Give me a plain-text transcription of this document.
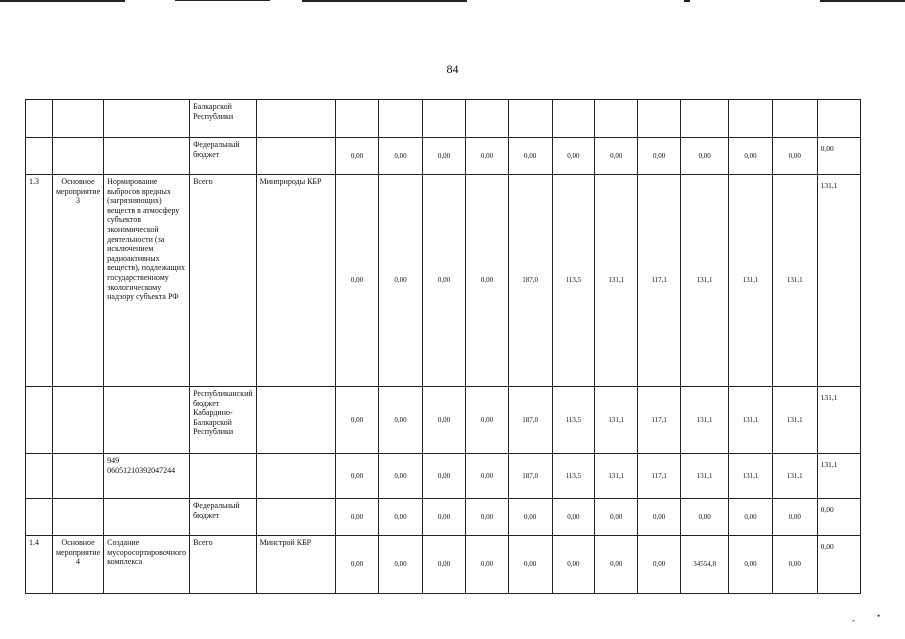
84
			Балкарской Республики													
			Федеральный бюджет		0,00	0,00	0,00	0,00	0,00	0,00	0,00	0,00	0,00	0,00	0,00	0,00
1.3	Основное мероприятие 3	Нормирование выбросов вредных (загрязняющих) веществ в атмосферу субъектов экономической деятельности (за исключением радиоактивных веществ), подлежащих государственному экологическому надзору субъекта РФ	Всего	Минприроды КБР	0,00	0,00	0,00	0,00	187,0	113,5	131,1	117,1	131,1	131,1	131,1	131,1
			Республиканский бюджет Кабардино-Балкарской Республики		0,00	0,00	0,00	0,00	187,0	113,5	131,1	117,1	131,1	131,1	131,1	131,1
		949 06051210392047244			0,00	0,00	0,00	0,00	187,0	113,5	131,1	117,1	131,1	131,1	131,1	131,1
			Федеральный бюджет		0,00	0,00	0,00	0,00	0,00	0,00	0,00	0,00	0,00	0,00	0,00	0,00
1.4	Основное мероприятие 4	Создание мусоросортировочного комплекса	Всего	Минстрой КБР	0,00	0,00	0,00	0,00	0,00	0,00	0,00	0,00	34554,8	0,00	0,00	0,00
- •
